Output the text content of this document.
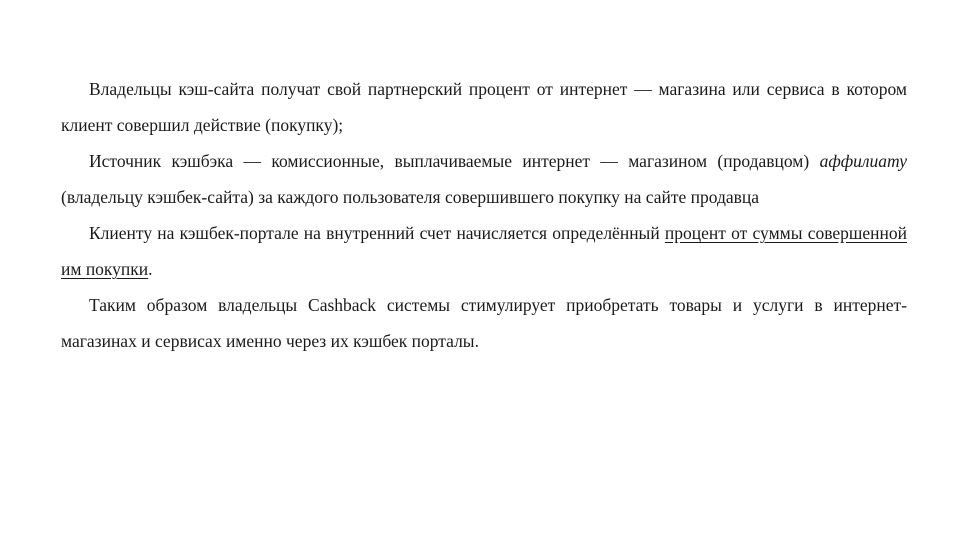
Владельцы кэш-сайта получат свой партнерский процент от интернет — магазина или сервиса в котором клиент совершил действие (покупку);

Источник кэшбэка — комиссионные, выплачиваемые интернет — магазином (продавцом) аффилиату (владельцу кэшбек-сайта) за каждого пользователя совершившего покупку на сайте продавца

Клиенту на кэшбек-портале на внутренний счет начисляется определённый процент от суммы совершенной им покупки.

Таким образом владельцы Cashback системы стимулирует приобретать товары и услуги в интернет-магазинах и сервисах именно через их кэшбек порталы.
